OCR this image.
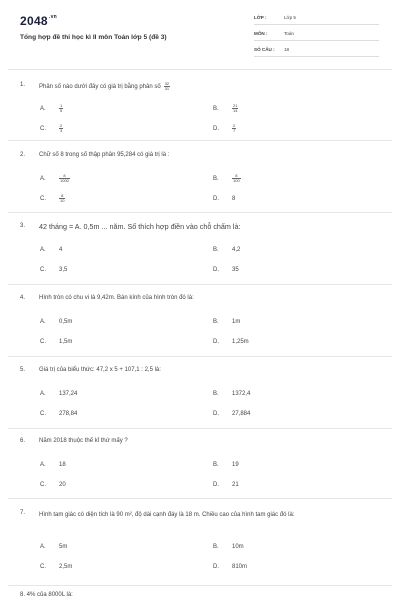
$2048^{.vn}$
Tổng hợp đề thi học kì II môn Toán lớp 5 (đề 3)
LỚP :	Lớp 5
MÔN :	Toán
SỐ CÂU : 18
1. Phân số nào dưới đây có giá trị bằng phân số $\frac{32}{31}$
A.	$\frac{1}{5}$	B.	$\frac{21}{14}$
C.	$\frac{2}{3}$	D.	$\frac{2}{7}$
2. Chữ số 8 trong số thập phân 95,284 có giá trị là :
A.	$\frac{8}{1000}$	B.	$\frac{8}{100}$
C.	$\frac{8}{10}$	D. 8
3. 42 tháng = A. 0,5m ... năm. Số thích hợp điền vào chỗ chấm là:
A. 4	B. 4,2
C. 3,5	D. 35
4. Hình tròn có chu vi là 9,42m. Bán kính của hình tròn đó là:
A. 0,5m	B. 1m
C. 1,5m	D. 1,25m
5. Giá trị của biểu thức: 47,2 x 5 + 107,1 : 2,5 là:
A. 137,24	B. 1372,4
C. 278,84	D. 27,884
6. Năm 2018 thuộc thế kỉ thứ mấy ?
A. 18	B. 19
C. 20	D. 21
7. Hình tam giác có diện tích là 90 m², độ dài cạnh đáy là 18 m. Chiều cao của hình tam giác đó là:
A. 5m	B. 10m
C. 2,5m	D. 810m
8. 4% của 8000L là:
